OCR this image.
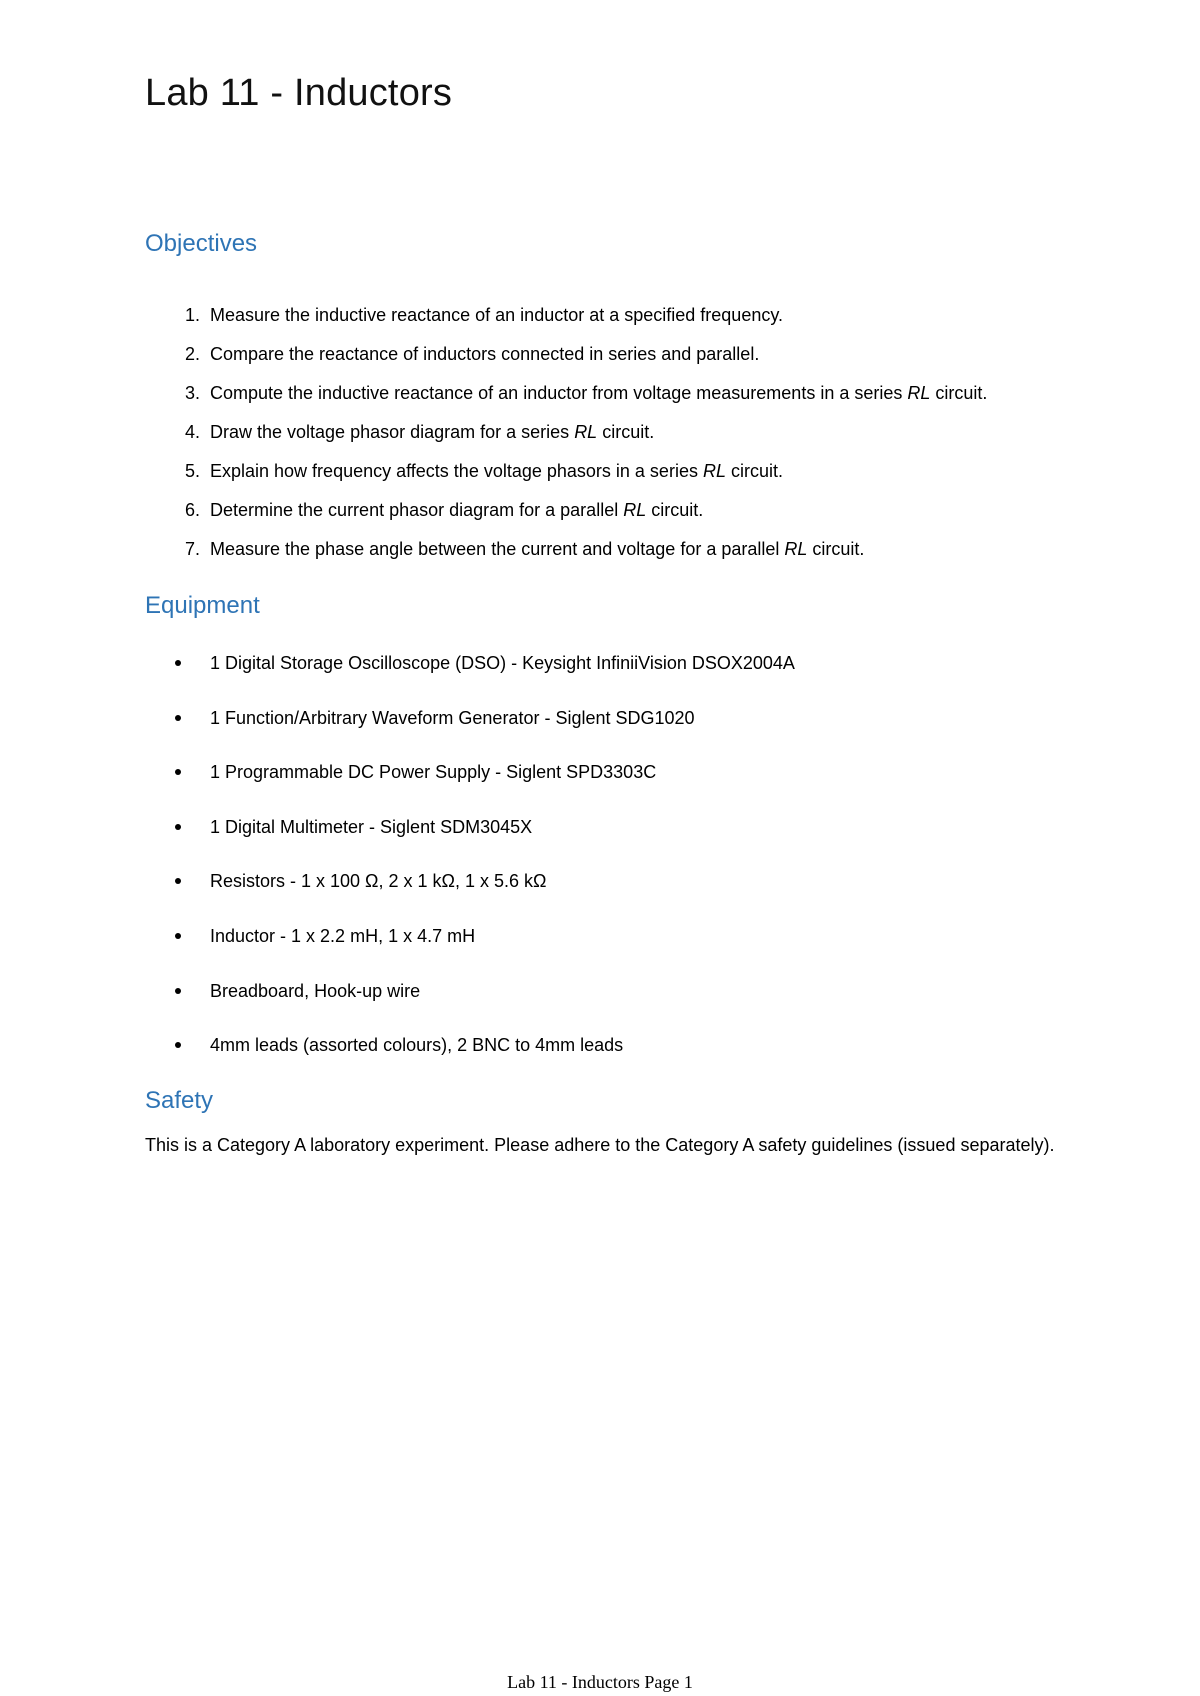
Lab 11 - Inductors
Objectives
1. Measure the inductive reactance of an inductor at a specified frequency.
2. Compare the reactance of inductors connected in series and parallel.
3. Compute the inductive reactance of an inductor from voltage measurements in a series RL circuit.
4. Draw the voltage phasor diagram for a series RL circuit.
5. Explain how frequency affects the voltage phasors in a series RL circuit.
6. Determine the current phasor diagram for a parallel RL circuit.
7. Measure the phase angle between the current and voltage for a parallel RL circuit.
Equipment
1 Digital Storage Oscilloscope (DSO) - Keysight InfiniiVision DSOX2004A
1 Function/Arbitrary Waveform Generator - Siglent SDG1020
1 Programmable DC Power Supply - Siglent SPD3303C
1 Digital Multimeter - Siglent SDM3045X
Resistors - 1 x 100 Ω, 2 x 1 kΩ, 1 x 5.6 kΩ
Inductor - 1 x 2.2 mH, 1 x 4.7 mH
Breadboard, Hook-up wire
4mm leads (assorted colours), 2 BNC to 4mm leads
Safety
This is a Category A laboratory experiment. Please adhere to the Category A safety guidelines (issued separately).
Lab 11 - Inductors Page 1
